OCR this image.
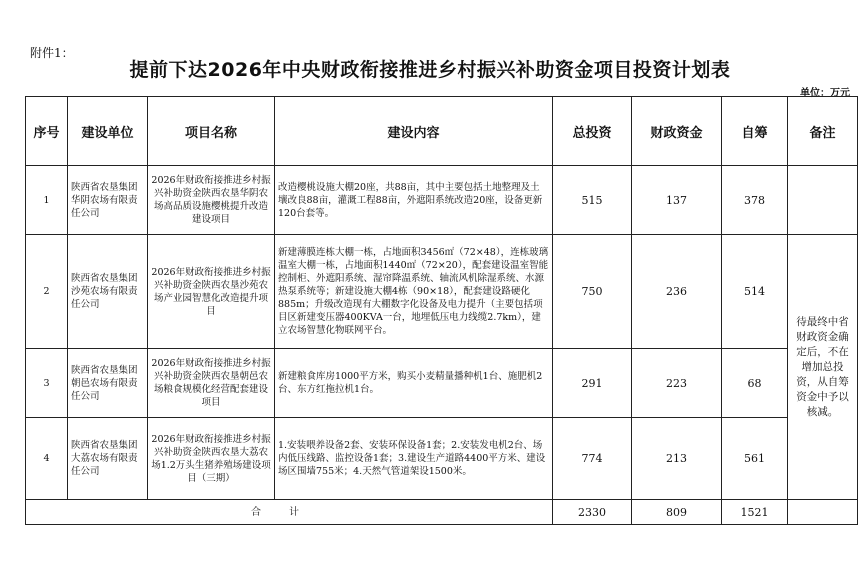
附件1：
提前下达2026年中央财政衔接推进乡村振兴补助资金项目投资计划表
单位：万元
序号	建设单位	项目名称	建设内容	总投资	财政资金	自筹	备注
1	陕西省农垦集团华阴农场有限责任公司	2026年财政衔接推进乡村振兴补助资金陕西农垦华阴农场高品质设施樱桃提升改造建设项目	改造樱桃设施大棚20座，共88亩，其中主要包括土地整理及土壤改良88亩，灌溉工程88亩，外遮阳系统改造20座，设备更新120台套等。	515	137	378	
2	陕西省农垦集团沙苑农场有限责任公司	2026年财政衔接推进乡村振兴补助资金陕西农垦沙苑农场产业园智慧化改造提升项目	新建薄膜连栋大棚一栋，占地面积3456㎡（72×48），连栋玻璃温室大棚一栋，占地面积1440㎡（72×20），配套建设温室智能控制柜、外遮阳系统、湿帘降温系统、轴流风机除湿系统、水源热泵系统等；新建设施大棚4栋（90×18），配套建设路硬化885m；升级改造现有大棚数字化设备及电力提升（主要包括项目区新建变压器400KVA一台，地埋低压电力线缆2.7km），建立农场智慧化物联网平台。	750	236	514	待最终中省财政资金确定后，不在增加总投资，从自筹资金中予以核减。
3	陕西省农垦集团朝邑农场有限责任公司	2026年财政衔接推进乡村振兴补助资金陕西农垦朝邑农场粮食规模化经营配套建设项目	新建粮食库房1000平方米，购买小麦精量播种机1台、施肥机2台、东方红拖拉机1台。	291	223	68	
4	陕西省农垦集团大荔农场有限责任公司	2026年财政衔接推进乡村振兴补助资金陕西农垦大荔农场1.2万头生猪养殖场建设项目（三期）	1.安装喂养设备2套、安装环保设备1套；2.安装发电机2台、场内低压线路、监控设备1套；3.建设生产道路4400平方米、建设场区围墙755米；4.天然气管道架设1500米。	774	213	561	
合计				2330	809	1521	
